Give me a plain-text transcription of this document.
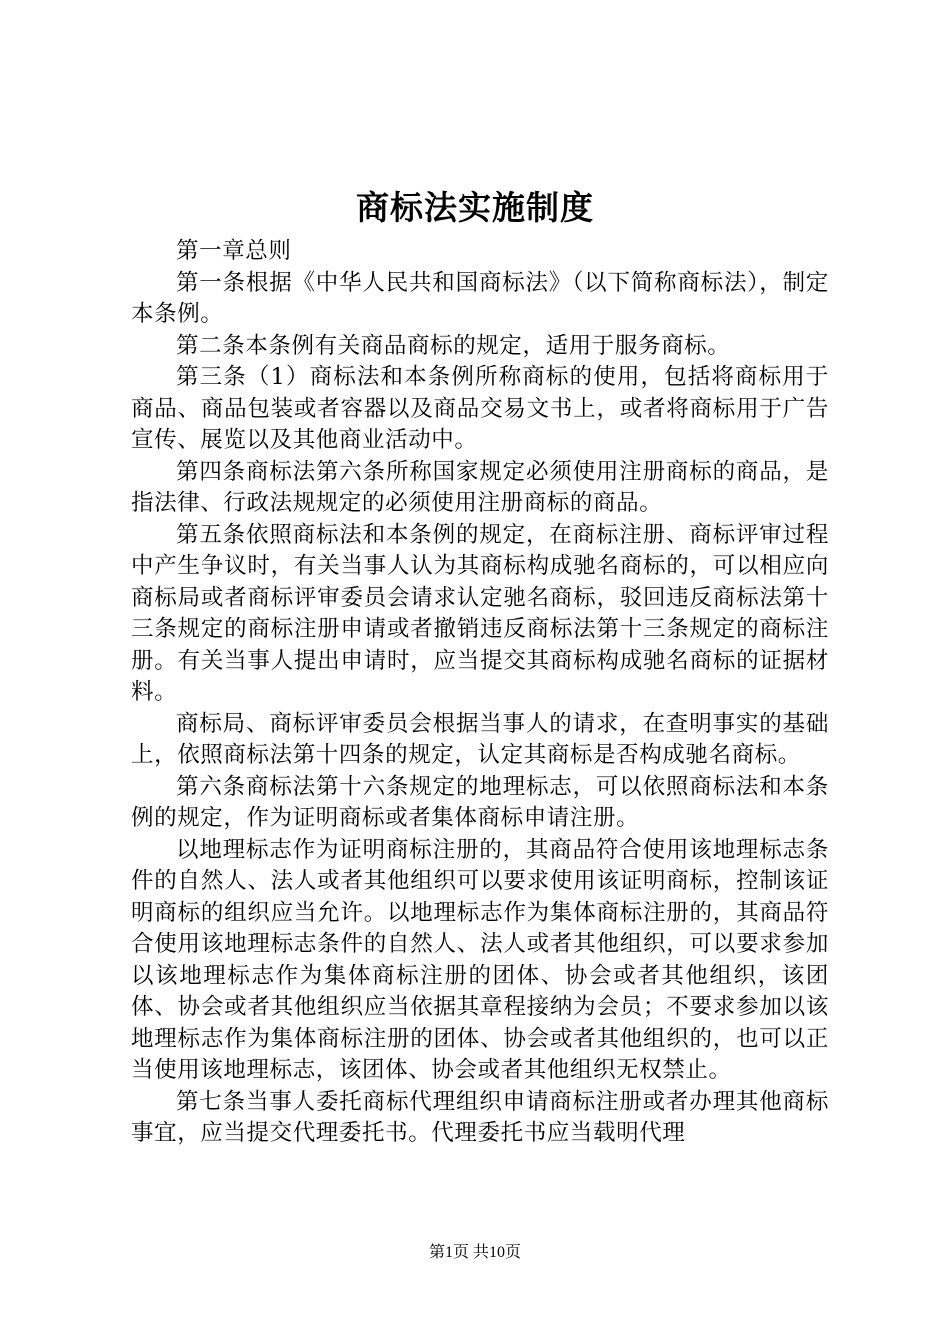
商标法实施制度

第一章总则

第一条根据《中华人民共和国商标法》（以下简称商标法），制定本条例。

第二条本条例有关商品商标的规定，适用于服务商标。

第三条（1）商标法和本条例所称商标的使用，包括将商标用于商品、商品包装或者容器以及商品交易文书上，或者将商标用于广告宣传、展览以及其他商业活动中。

第四条商标法第六条所称国家规定必须使用注册商标的商品，是指法律、行政法规规定的必须使用注册商标的商品。

第五条依照商标法和本条例的规定，在商标注册、商标评审过程中产生争议时，有关当事人认为其商标构成驰名商标的，可以相应向商标局或者商标评审委员会请求认定驰名商标，驳回违反商标法第十三条规定的商标注册申请或者撤销违反商标法第十三条规定的商标注册。有关当事人提出申请时，应当提交其商标构成驰名商标的证据材料。

商标局、商标评审委员会根据当事人的请求，在查明事实的基础上，依照商标法第十四条的规定，认定其商标是否构成驰名商标。

第六条商标法第十六条规定的地理标志，可以依照商标法和本条例的规定，作为证明商标或者集体商标申请注册。

以地理标志作为证明商标注册的，其商品符合使用该地理标志条件的自然人、法人或者其他组织可以要求使用该证明商标，控制该证明商标的组织应当允许。以地理标志作为集体商标注册的，其商品符合使用该地理标志条件的自然人、法人或者其他组织，可以要求参加以该地理标志作为集体商标注册的团体、协会或者其他组织，该团体、协会或者其他组织应当依据其章程接纳为会员；不要求参加以该地理标志作为集体商标注册的团体、协会或者其他组织的，也可以正当使用该地理标志，该团体、协会或者其他组织无权禁止。

第七条当事人委托商标代理组织申请商标注册或者办理其他商标事宜，应当提交代理委托书。代理委托书应当载明代理

第1页 共10页
